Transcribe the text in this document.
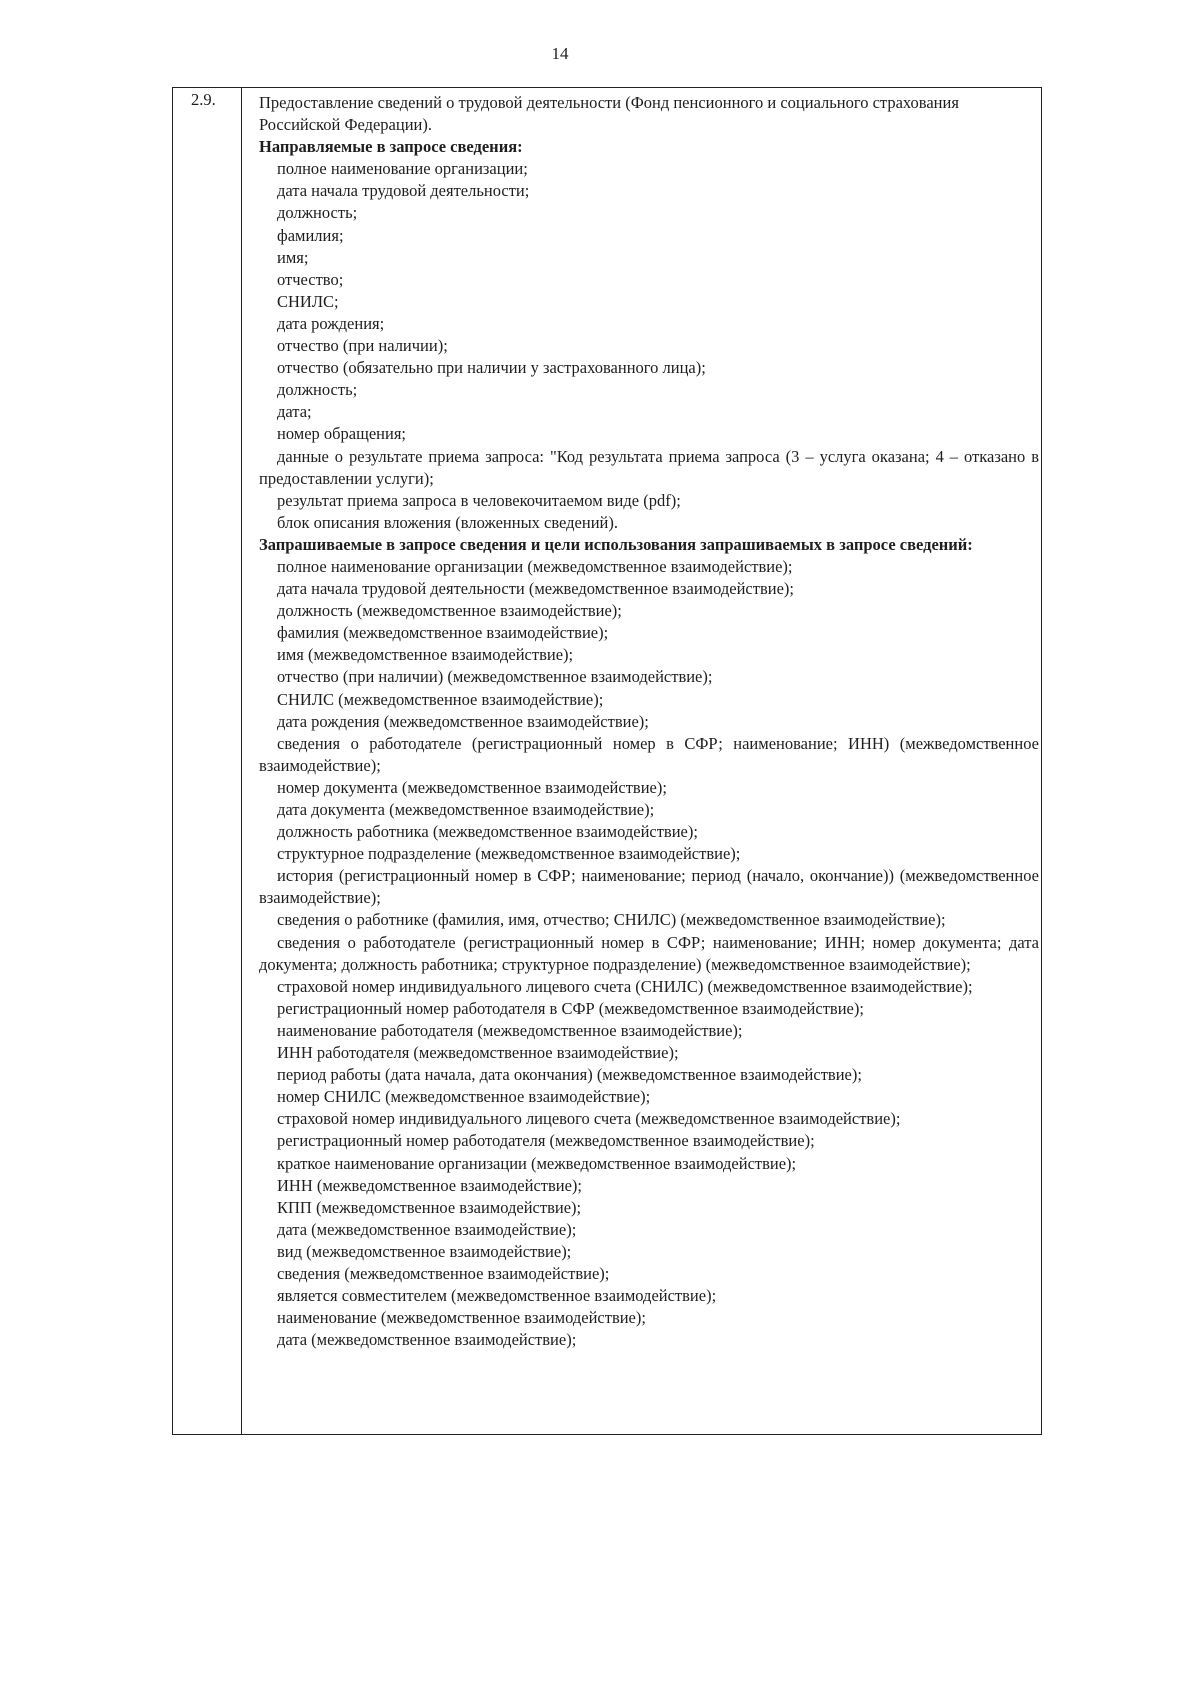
14
2.9.	Предоставление сведений о трудовой деятельности (Фонд пенсионного и социального страхования Российской Федерации).

Направляемые в запросе сведения:

полное наименование организации;

дата начала трудовой деятельности;

должность;

фамилия;

имя;

отчество;

СНИЛС;

дата рождения;

отчество (при наличии);

отчество (обязательно при наличии у застрахованного лица);

должность;

дата;

номер обращения;

данные о результате приема запроса: "Код результата приема запроса (3 – услуга оказана; 4 – отказано в предоставлении услуги);

результат приема запроса в человекочитаемом виде (pdf);

блок описания вложения (вложенных сведений).

Запрашиваемые в запросе сведения и цели использования запрашиваемых в запросе сведений:

полное наименование организации (межведомственное взаимодействие);

дата начала трудовой деятельности (межведомственное взаимодействие);

должность (межведомственное взаимодействие);

фамилия (межведомственное взаимодействие);

имя (межведомственное взаимодействие);

отчество (при наличии) (межведомственное взаимодействие);

СНИЛС (межведомственное взаимодействие);

дата рождения (межведомственное взаимодействие);

сведения о работодателе (регистрационный номер в СФР; наименование; ИНН) (межведомственное взаимодействие);

номер документа (межведомственное взаимодействие);

дата документа (межведомственное взаимодействие);

должность работника (межведомственное взаимодействие);

структурное подразделение (межведомственное взаимодействие);

история (регистрационный номер в СФР; наименование; период (начало, окончание)) (межведомственное взаимодействие);

сведения о работнике (фамилия, имя, отчество; СНИЛС) (межведомственное взаимодействие);

сведения о работодателе (регистрационный номер в СФР; наименование; ИНН; номер документа; дата документа; должность работника; структурное подразделение) (межведомственное взаимодействие);

страховой номер индивидуального лицевого счета (СНИЛС) (межведомственное взаимодействие);

регистрационный номер работодателя в СФР (межведомственное взаимодействие);

наименование работодателя (межведомственное взаимодействие);

ИНН работодателя (межведомственное взаимодействие);

период работы (дата начала, дата окончания) (межведомственное взаимодействие);

номер СНИЛС (межведомственное взаимодействие);

страховой номер индивидуального лицевого счета (межведомственное взаимодействие);

регистрационный номер работодателя (межведомственное взаимодействие);

краткое наименование организации (межведомственное взаимодействие);

ИНН (межведомственное взаимодействие);

КПП (межведомственное взаимодействие);

дата (межведомственное взаимодействие);

вид (межведомственное взаимодействие);

сведения (межведомственное взаимодействие);

является совместителем (межведомственное взаимодействие);

наименование (межведомственное взаимодействие);

дата (межведомственное взаимодействие);
